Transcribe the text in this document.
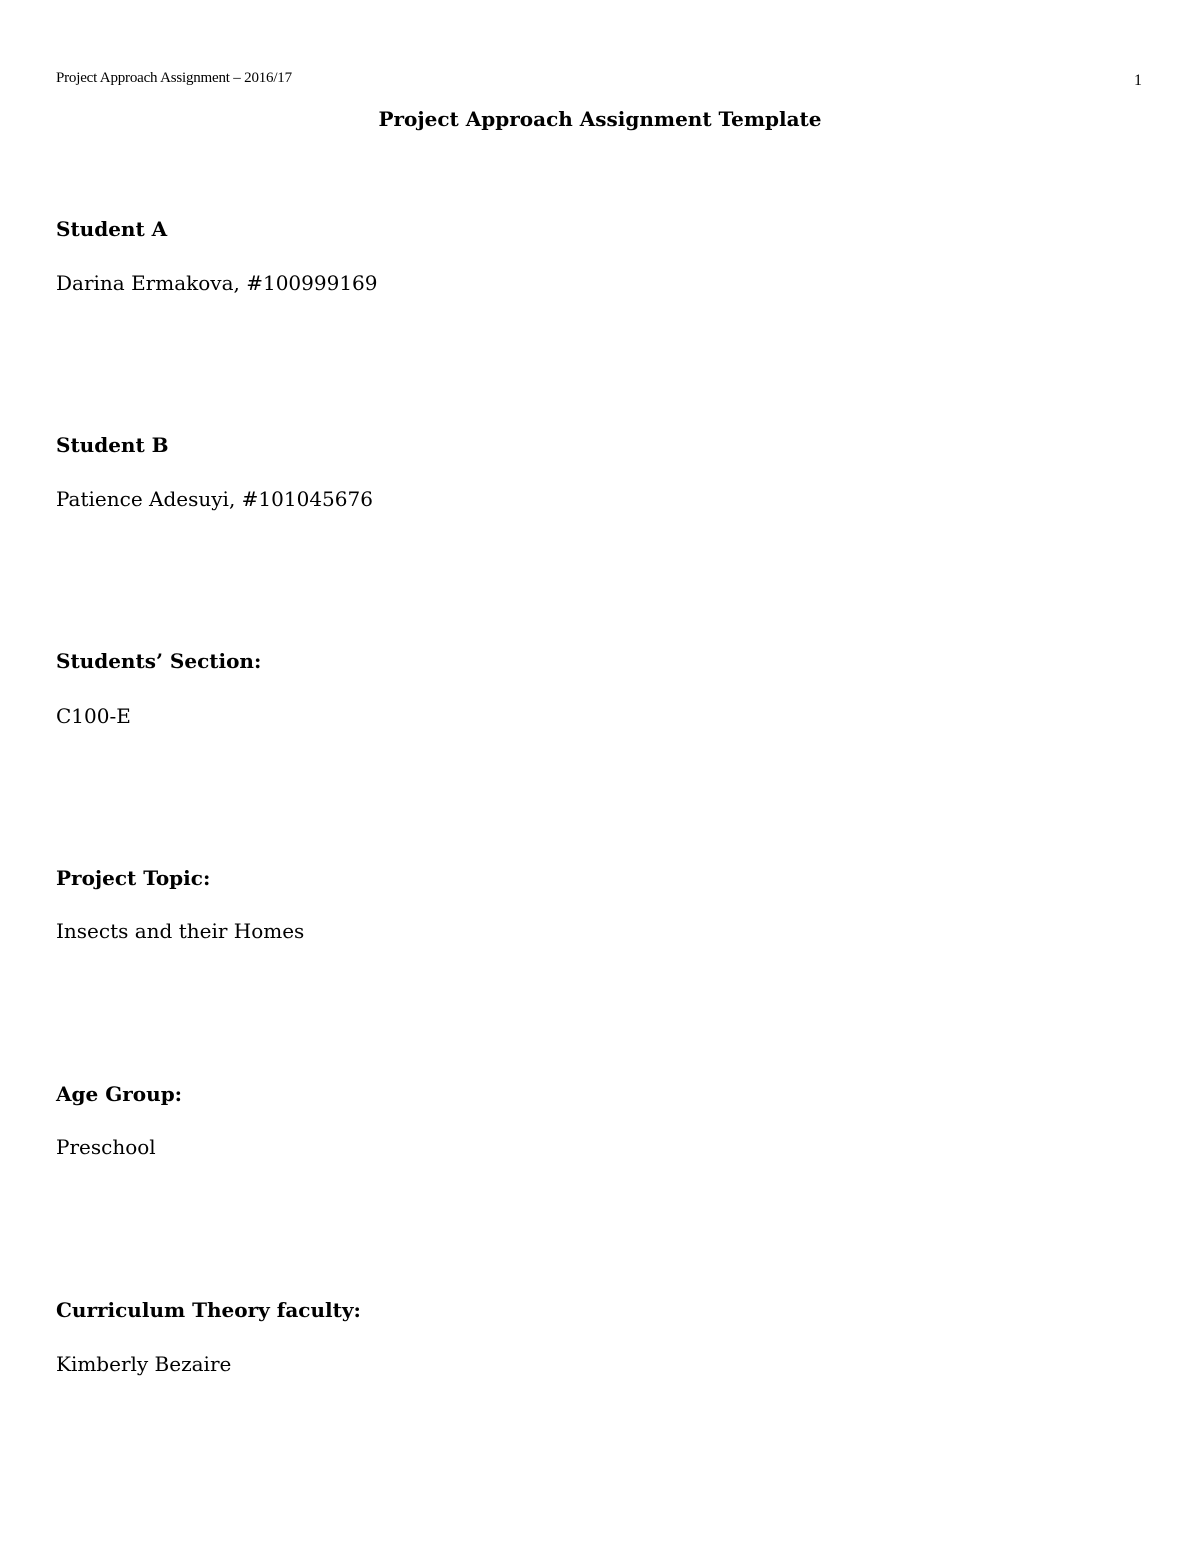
Project Approach Assignment – 2016/17	1
Project Approach Assignment Template
Student A
Darina Ermakova, #100999169
Student B
Patience Adesuyi, #101045676
Students’ Section:
C100-E
Project Topic:
Insects and their Homes
Age Group:
Preschool
Curriculum Theory faculty:
Kimberly Bezaire
